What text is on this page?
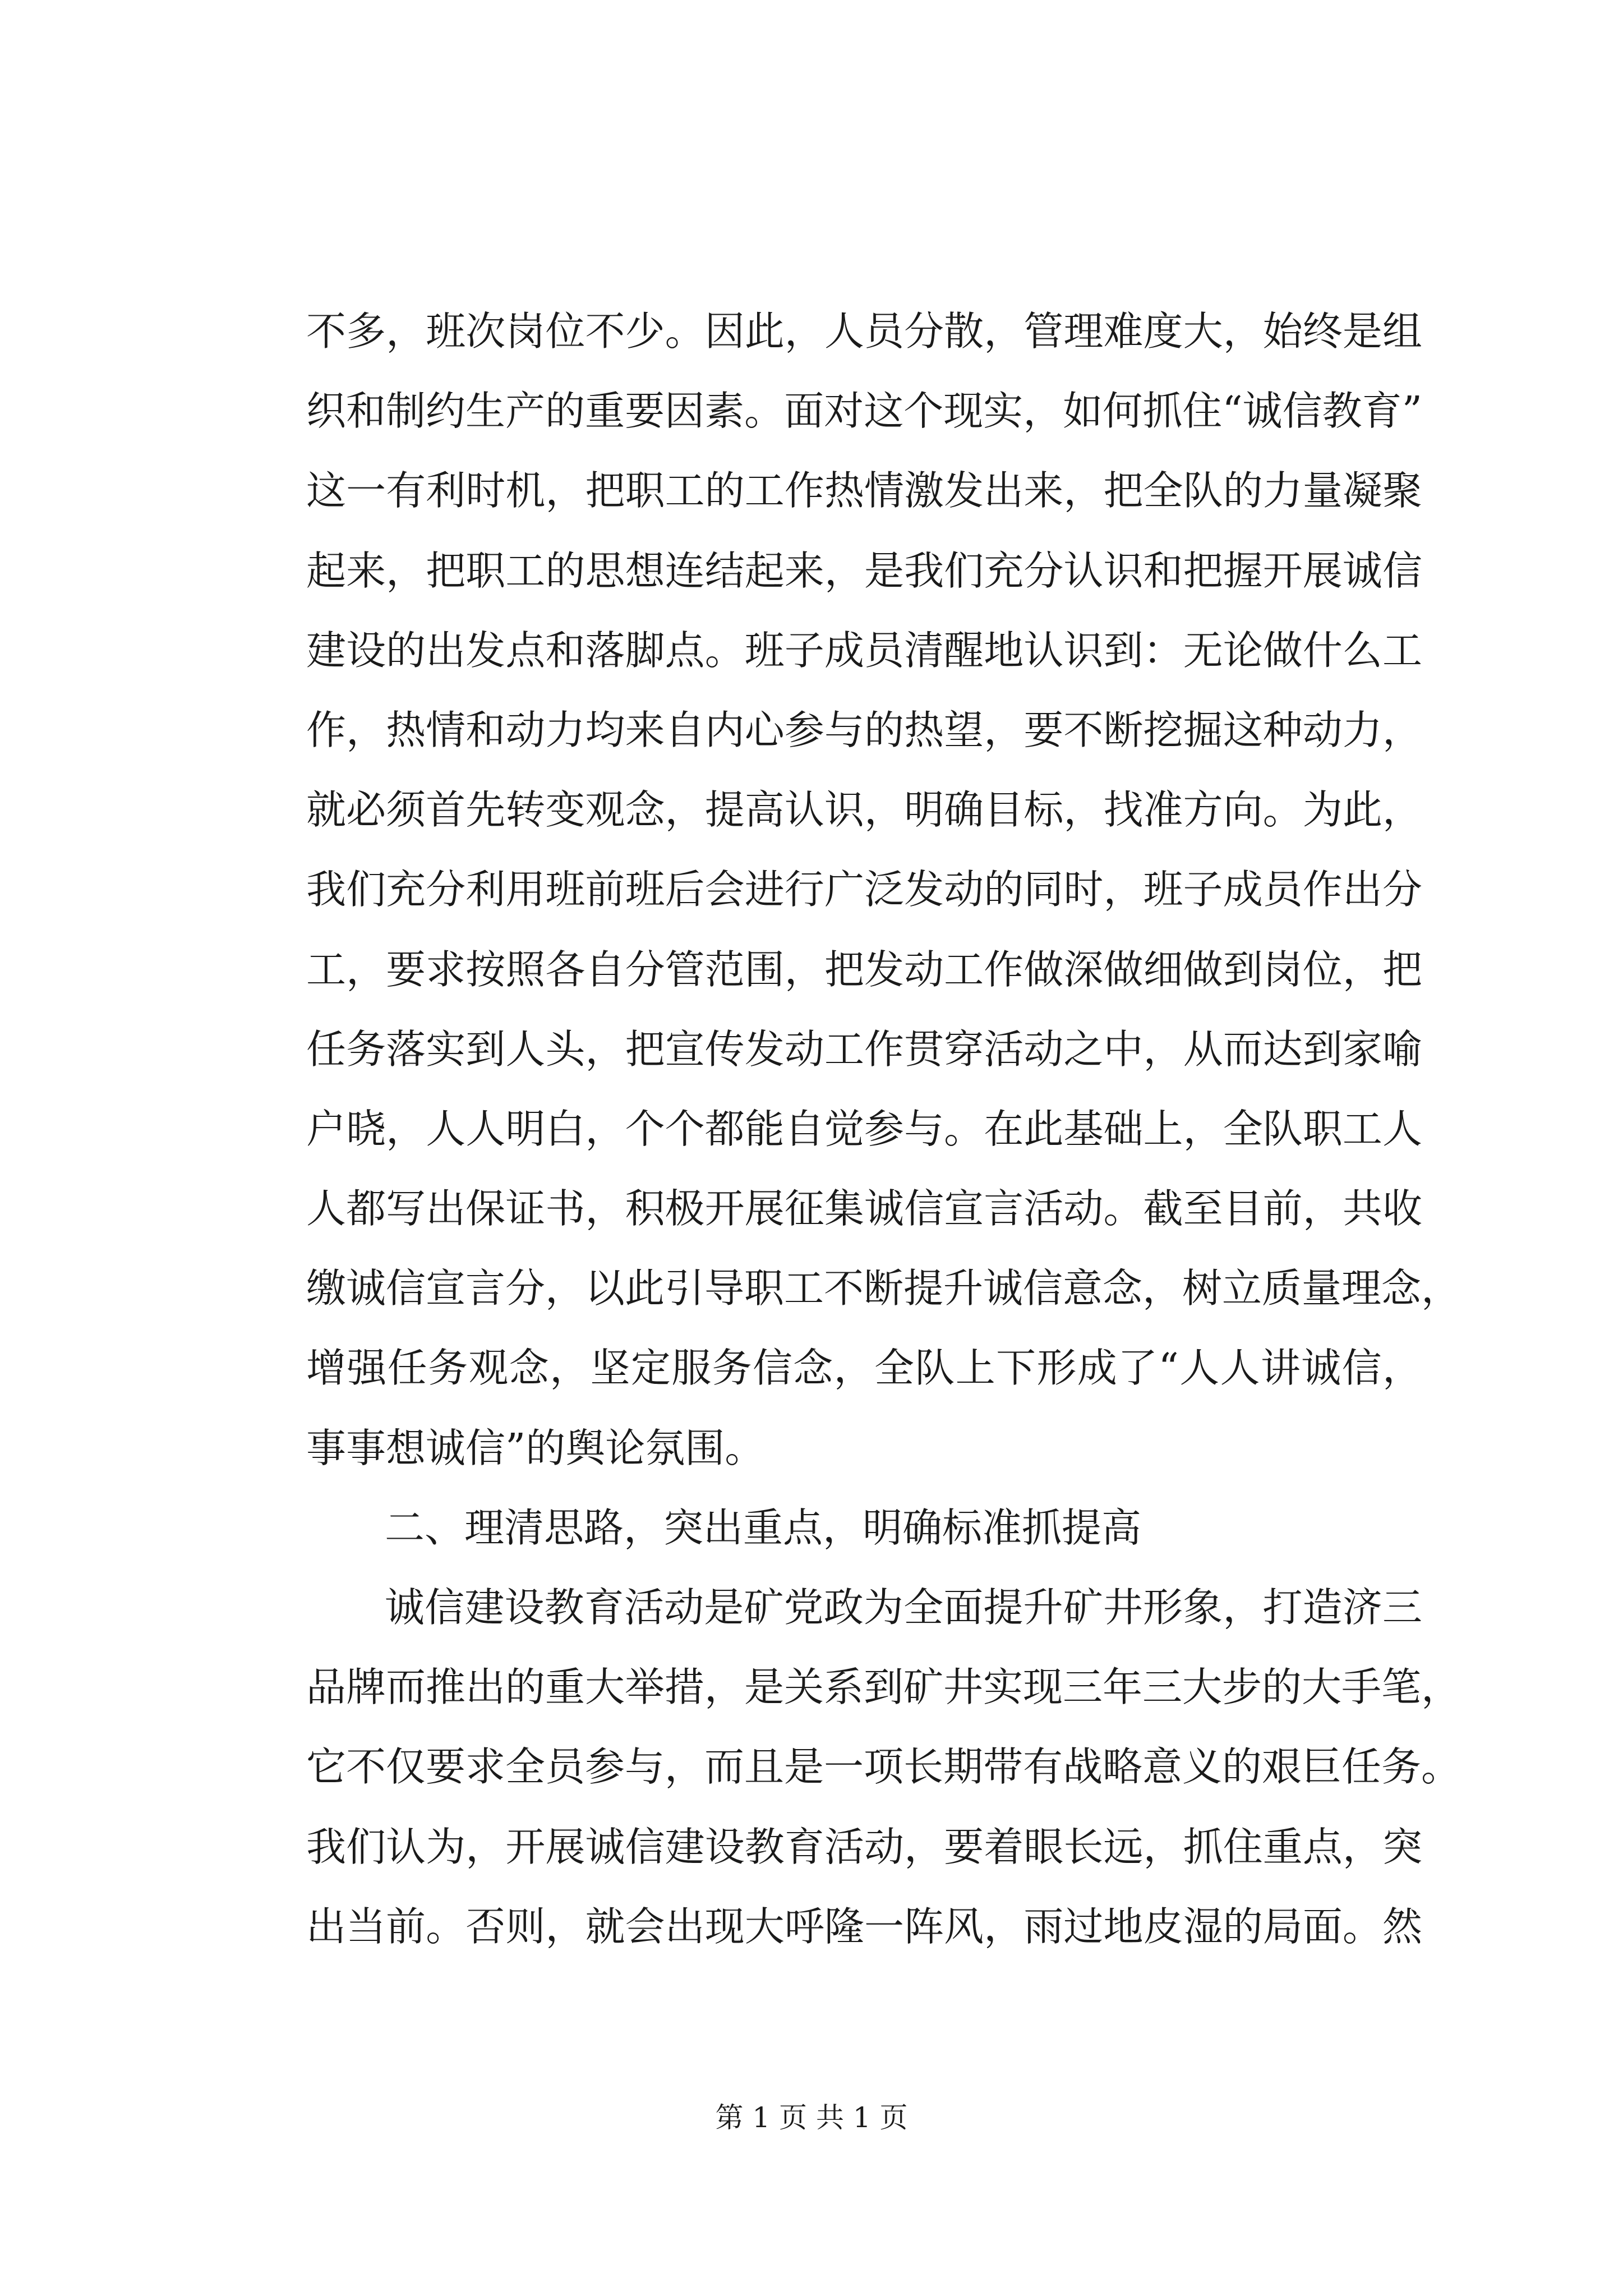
不多，班次岗位不少。因此，人员分散，管理难度大，始终是组
织和制约生产的重要因素。面对这个现实，如何抓住“诚信教育”
这一有利时机，把职工的工作热情激发出来，把全队的力量凝聚
起来，把职工的思想连结起来，是我们充分认识和把握开展诚信
建设的出发点和落脚点。班子成员清醒地认识到：无论做什么工
作，热情和动力均来自内心参与的热望，要不断挖掘这种动力，
就必须首先转变观念，提高认识，明确目标，找准方向。为此，
我们充分利用班前班后会进行广泛发动的同时，班子成员作出分
工，要求按照各自分管范围，把发动工作做深做细做到岗位，把
任务落实到人头，把宣传发动工作贯穿活动之中，从而达到家喻
户晓，人人明白，个个都能自觉参与。在此基础上，全队职工人
人都写出保证书，积极开展征集诚信宣言活动。截至目前，共收
缴诚信宣言分，以此引导职工不断提升诚信意念，树立质量理念，
增强任务观念，坚定服务信念，全队上下形成了“人人讲诚信，
事事想诚信”的舆论氛围。
二、理清思路，突出重点，明确标准抓提高
诚信建设教育活动是矿党政为全面提升矿井形象，打造济三
品牌而推出的重大举措，是关系到矿井实现三年三大步的大手笔，
它不仅要求全员参与，而且是一项长期带有战略意义的艰巨任务。
我们认为，开展诚信建设教育活动，要着眼长远，抓住重点，突
出当前。否则，就会出现大呼隆一阵风，雨过地皮湿的局面。然
第 1 页 共 1 页
